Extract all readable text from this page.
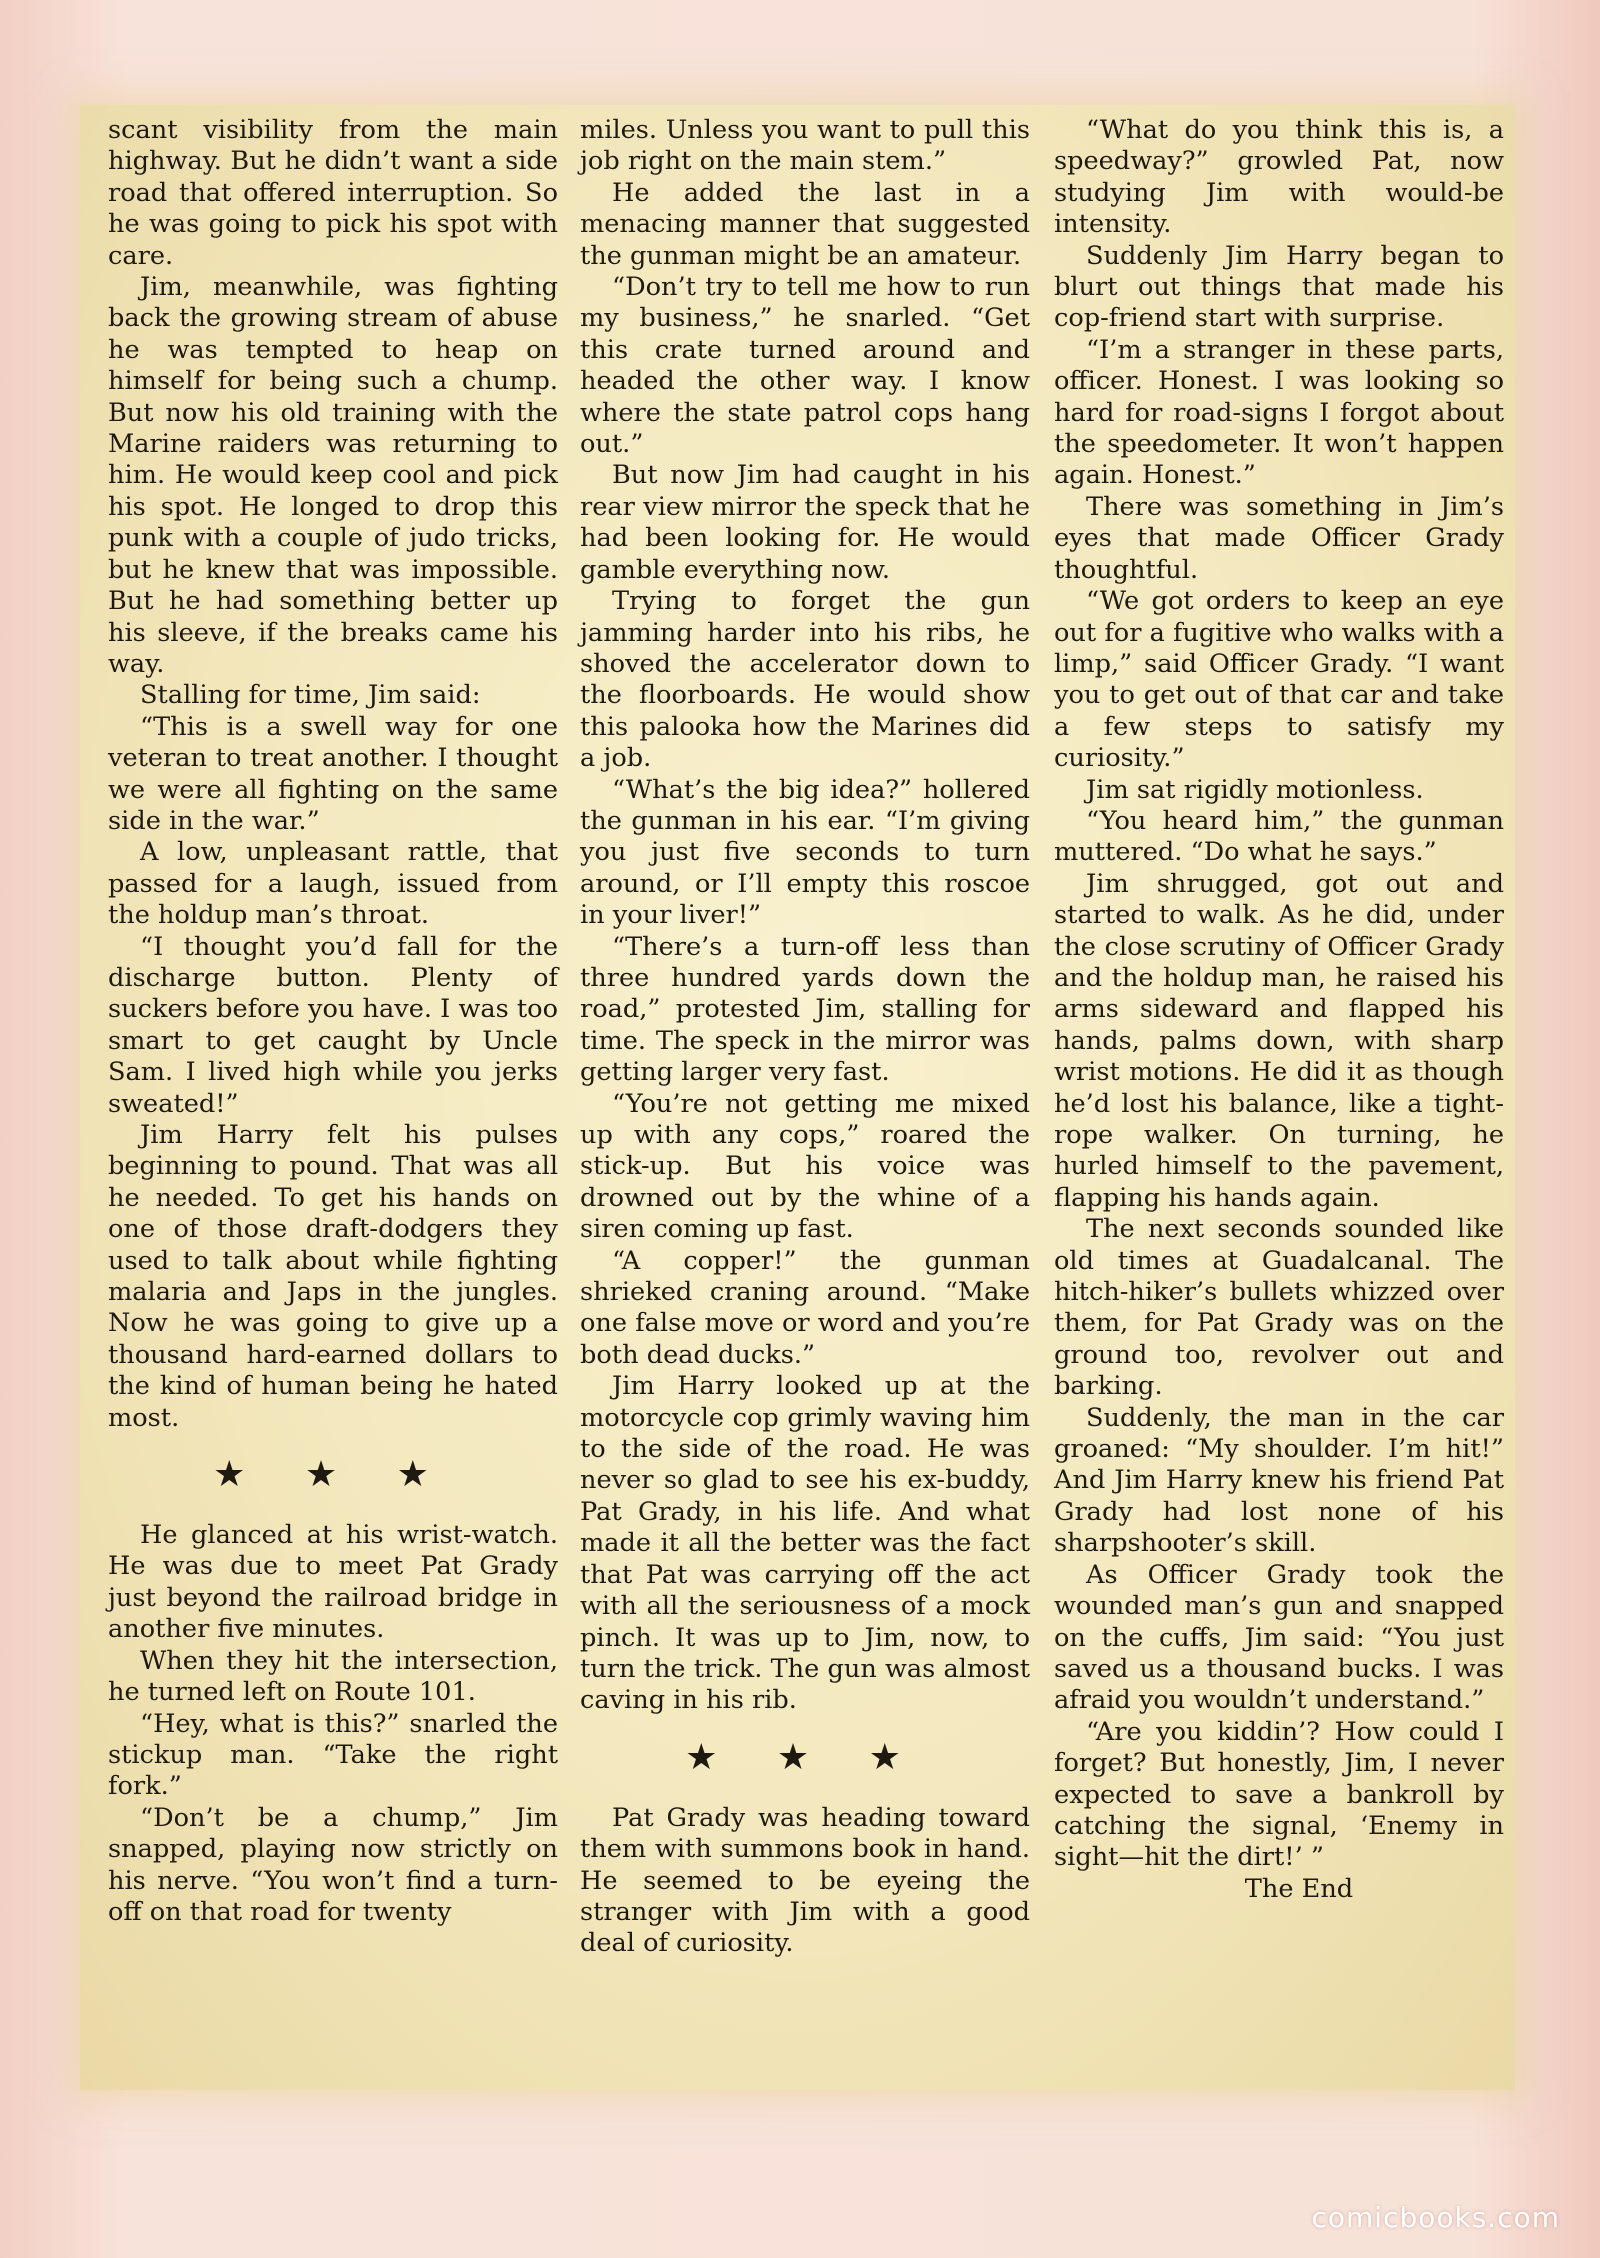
scant visibility from the main highway. But he didn’t want a side road that offered interruption. So he was going to pick his spot with care.

Jim, meanwhile, was fighting back the growing stream of abuse he was tempted to heap on himself for being such a chump. But now his old training with the Marine raiders was returning to him. He would keep cool and pick his spot. He longed to drop this punk with a couple of judo tricks, but he knew that was impossible. But he had something better up his sleeve, if the breaks came his way.

Stalling for time, Jim said:

“This is a swell way for one veteran to treat another. I thought we were all fighting on the same side in the war.”

A low, unpleasant rattle, that passed for a laugh, issued from the holdup man’s throat.

“I thought you’d fall for the discharge button. Plenty of suckers before you have. I was too smart to get caught by Uncle Sam. I lived high while you jerks sweated!”

Jim Harry felt his pulses beginning to pound. That was all he needed. To get his hands on one of those draft-dodgers they used to talk about while fighting malaria and Japs in the jungles. Now he was going to give up a thousand hard-earned dollars to the kind of human being he hated most.

★ ★ ★

He glanced at his wrist-watch. He was due to meet Pat Grady just beyond the railroad bridge in another five minutes.

When they hit the intersection, he turned left on Route 101.

“Hey, what is this?” snarled the stickup man. “Take the right fork.”

“Don’t be a chump,” Jim snapped, playing now strictly on his nerve. “You won’t find a turn-off on that road for twenty

miles. Unless you want to pull this job right on the main stem.”

He added the last in a menacing manner that suggested the gunman might be an amateur.

“Don’t try to tell me how to run my business,” he snarled. “Get this crate turned around and headed the other way. I know where the state patrol cops hang out.”

But now Jim had caught in his rear view mirror the speck that he had been looking for. He would gamble everything now.

Trying to forget the gun jamming harder into his ribs, he shoved the accelerator down to the floorboards. He would show this palooka how the Marines did a job.

“What’s the big idea?” hollered the gunman in his ear. “I’m giving you just five seconds to turn around, or I’ll empty this roscoe in your liver!”

“There’s a turn-off less than three hundred yards down the road,” protested Jim, stalling for time. The speck in the mirror was getting larger very fast.

“You’re not getting me mixed up with any cops,” roared the stick-up. But his voice was drowned out by the whine of a siren coming up fast.

“A copper!” the gunman shrieked craning around. “Make one false move or word and you’re both dead ducks.”

Jim Harry looked up at the motorcycle cop grimly waving him to the side of the road. He was never so glad to see his ex-buddy, Pat Grady, in his life. And what made it all the better was the fact that Pat was carrying off the act with all the seriousness of a mock pinch. It was up to Jim, now, to turn the trick. The gun was almost caving in his rib.

★ ★ ★

Pat Grady was heading toward them with summons book in hand. He seemed to be eyeing the stranger with Jim with a good deal of curiosity.

“What do you think this is, a speedway?” growled Pat, now studying Jim with would-be intensity.

Suddenly Jim Harry began to blurt out things that made his cop-friend start with surprise.

“I’m a stranger in these parts, officer. Honest. I was looking so hard for road-signs I forgot about the speedometer. It won’t happen again. Honest.”

There was something in Jim’s eyes that made Officer Grady thoughtful.

“We got orders to keep an eye out for a fugitive who walks with a limp,” said Officer Grady. “I want you to get out of that car and take a few steps to satisfy my curiosity.”

Jim sat rigidly motionless.

“You heard him,” the gunman muttered. “Do what he says.”

Jim shrugged, got out and started to walk. As he did, under the close scrutiny of Officer Grady and the holdup man, he raised his arms sideward and flapped his hands, palms down, with sharp wrist motions. He did it as though he’d lost his balance, like a tight-rope walker. On turning, he hurled himself to the pavement, flapping his hands again.

The next seconds sounded like old times at Guadalcanal. The hitch-hiker’s bullets whizzed over them, for Pat Grady was on the ground too, revolver out and barking.

Suddenly, the man in the car groaned: “My shoulder. I’m hit!” And Jim Harry knew his friend Pat Grady had lost none of his sharpshooter’s skill.

As Officer Grady took the wounded man’s gun and snapped on the cuffs, Jim said: “You just saved us a thousand bucks. I was afraid you wouldn’t understand.”

“Are you kiddin’? How could I forget? But honestly, Jim, I never expected to save a bankroll by catching the signal, ‘Enemy in sight—hit the dirt!’ ”

The End

comicbooks.com
